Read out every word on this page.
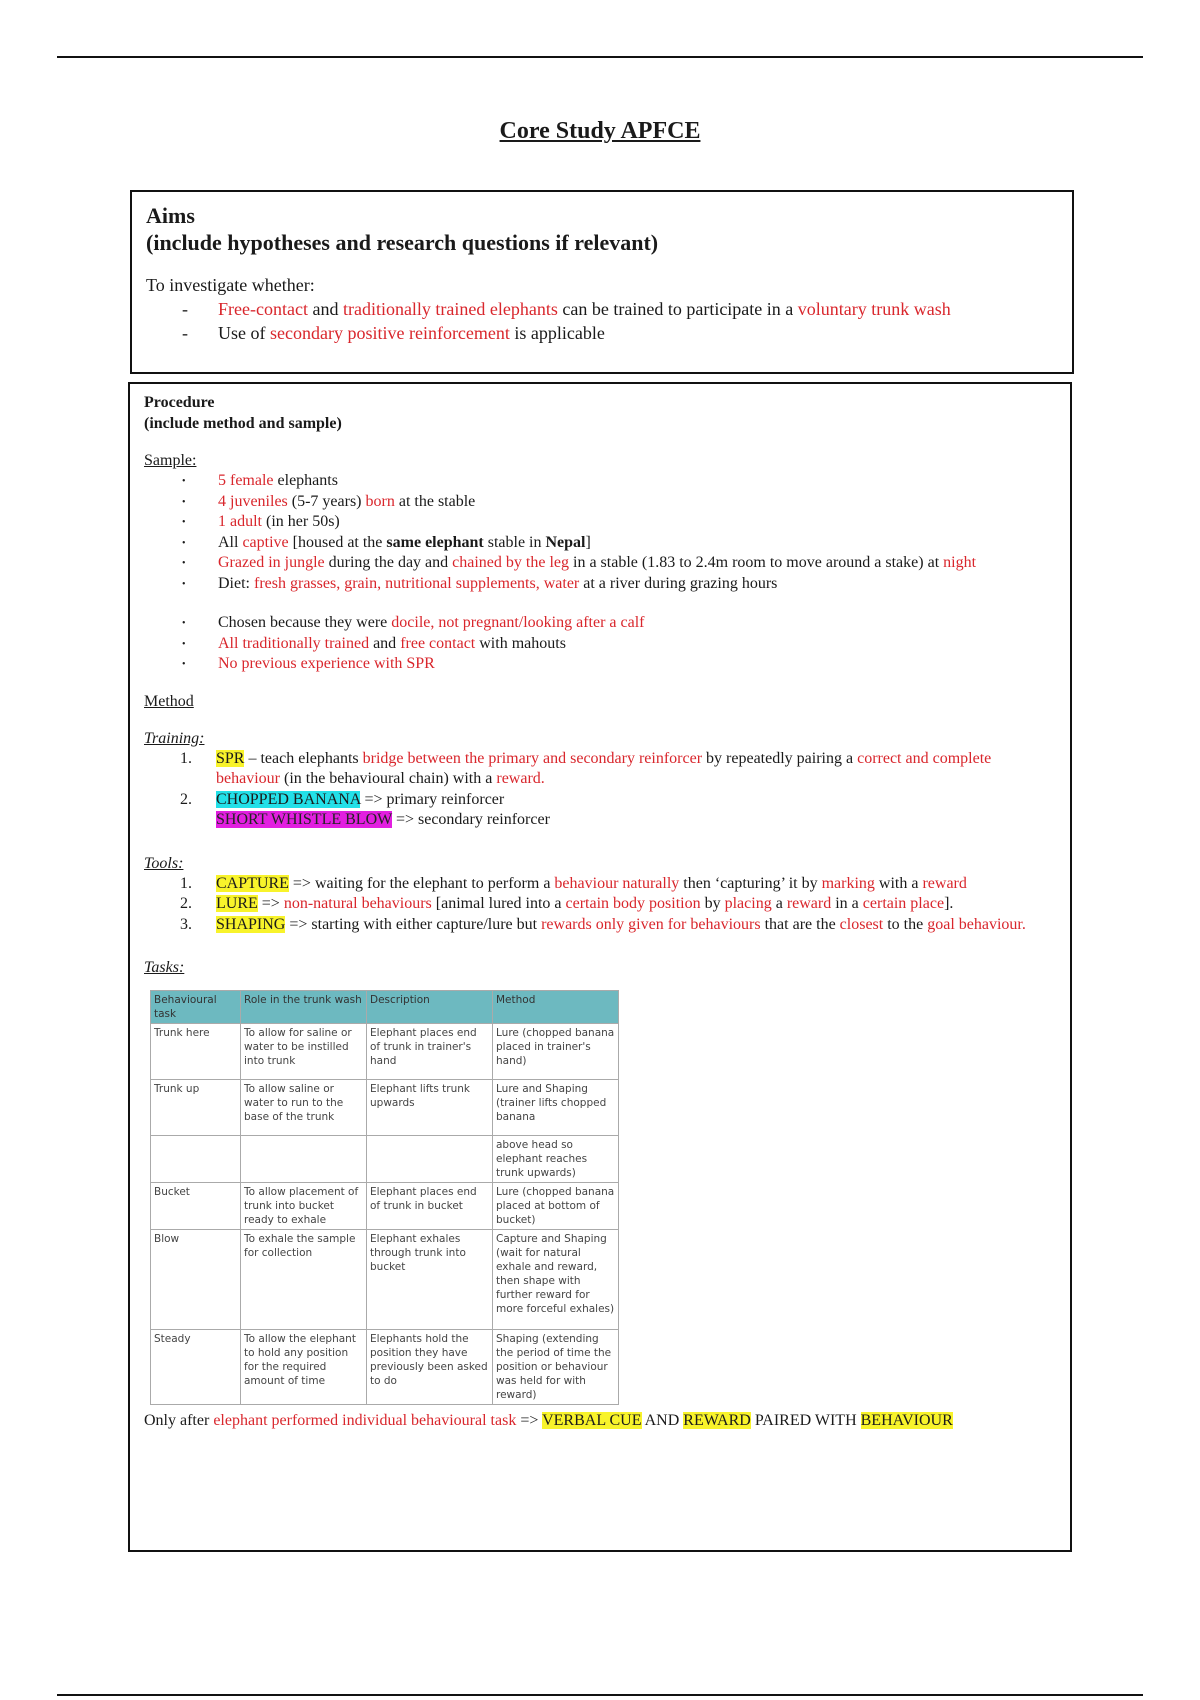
Core Study APFCE
Aims
(include hypotheses and research questions if relevant)

To investigate whether:

- Free-contact and traditionally trained elephants can be trained to participate in a voluntary trunk wash
- Use of secondary positive reinforcement is applicable
Procedure
(include method and sample)
Sample:
• 5 female elephants
• 4 juveniles (5-7 years) born at the stable
• 1 adult (in her 50s)
• All captive [housed at the same elephant stable in Nepal]
• Grazed in jungle during the day and chained by the leg in a stable (1.83 to 2.4m room to move around a stake) at night
• Diet: fresh grasses, grain, nutritional supplements, water at a river during grazing hours
• Chosen because they were docile, not pregnant/looking after a calf
• All traditionally trained and free contact with mahouts
• No previous experience with SPR
Method
Training:
1. SPR – teach elephants bridge between the primary and secondary reinforcer by repeatedly pairing a correct and complete behaviour (in the behavioural chain) with a reward.
2. CHOPPED BANANA => primary reinforcer
SHORT WHISTLE BLOW => secondary reinforcer
Tools:
1. CAPTURE => waiting for the elephant to perform a behaviour naturally then ‘capturing’ it by marking with a reward
2. LURE => non-natural behaviours [animal lured into a certain body position by placing a reward in a certain place].
3. SHAPING => starting with either capture/lure but rewards only given for behaviours that are the closest to the goal behaviour.
Tasks:
Behavioural task	Role in the trunk wash	Description	Method
Trunk here	To allow for saline or water to be instilled into trunk	Elephant places end of trunk in trainer's hand	Lure (chopped banana placed in trainer's hand)
Trunk up	To allow saline or water to run to the base of the trunk	Elephant lifts trunk upwards	Lure and Shaping (trainer lifts chopped banana
			above head so elephant reaches trunk upwards)
Bucket	To allow placement of trunk into bucket ready to exhale	Elephant places end of trunk in bucket	Lure (chopped banana placed at bottom of bucket)
Blow	To exhale the sample for collection	Elephant exhales through trunk into bucket	Capture and Shaping (wait for natural exhale and reward, then shape with further reward for more forceful exhales)
Steady	To allow the elephant to hold any position for the required amount of time	Elephants hold the position they have previously been asked to do	Shaping (extending the period of time the position or behaviour was held for with reward)
Only after elephant performed individual behavioural task => VERBAL CUE AND REWARD PAIRED WITH BEHAVIOUR
